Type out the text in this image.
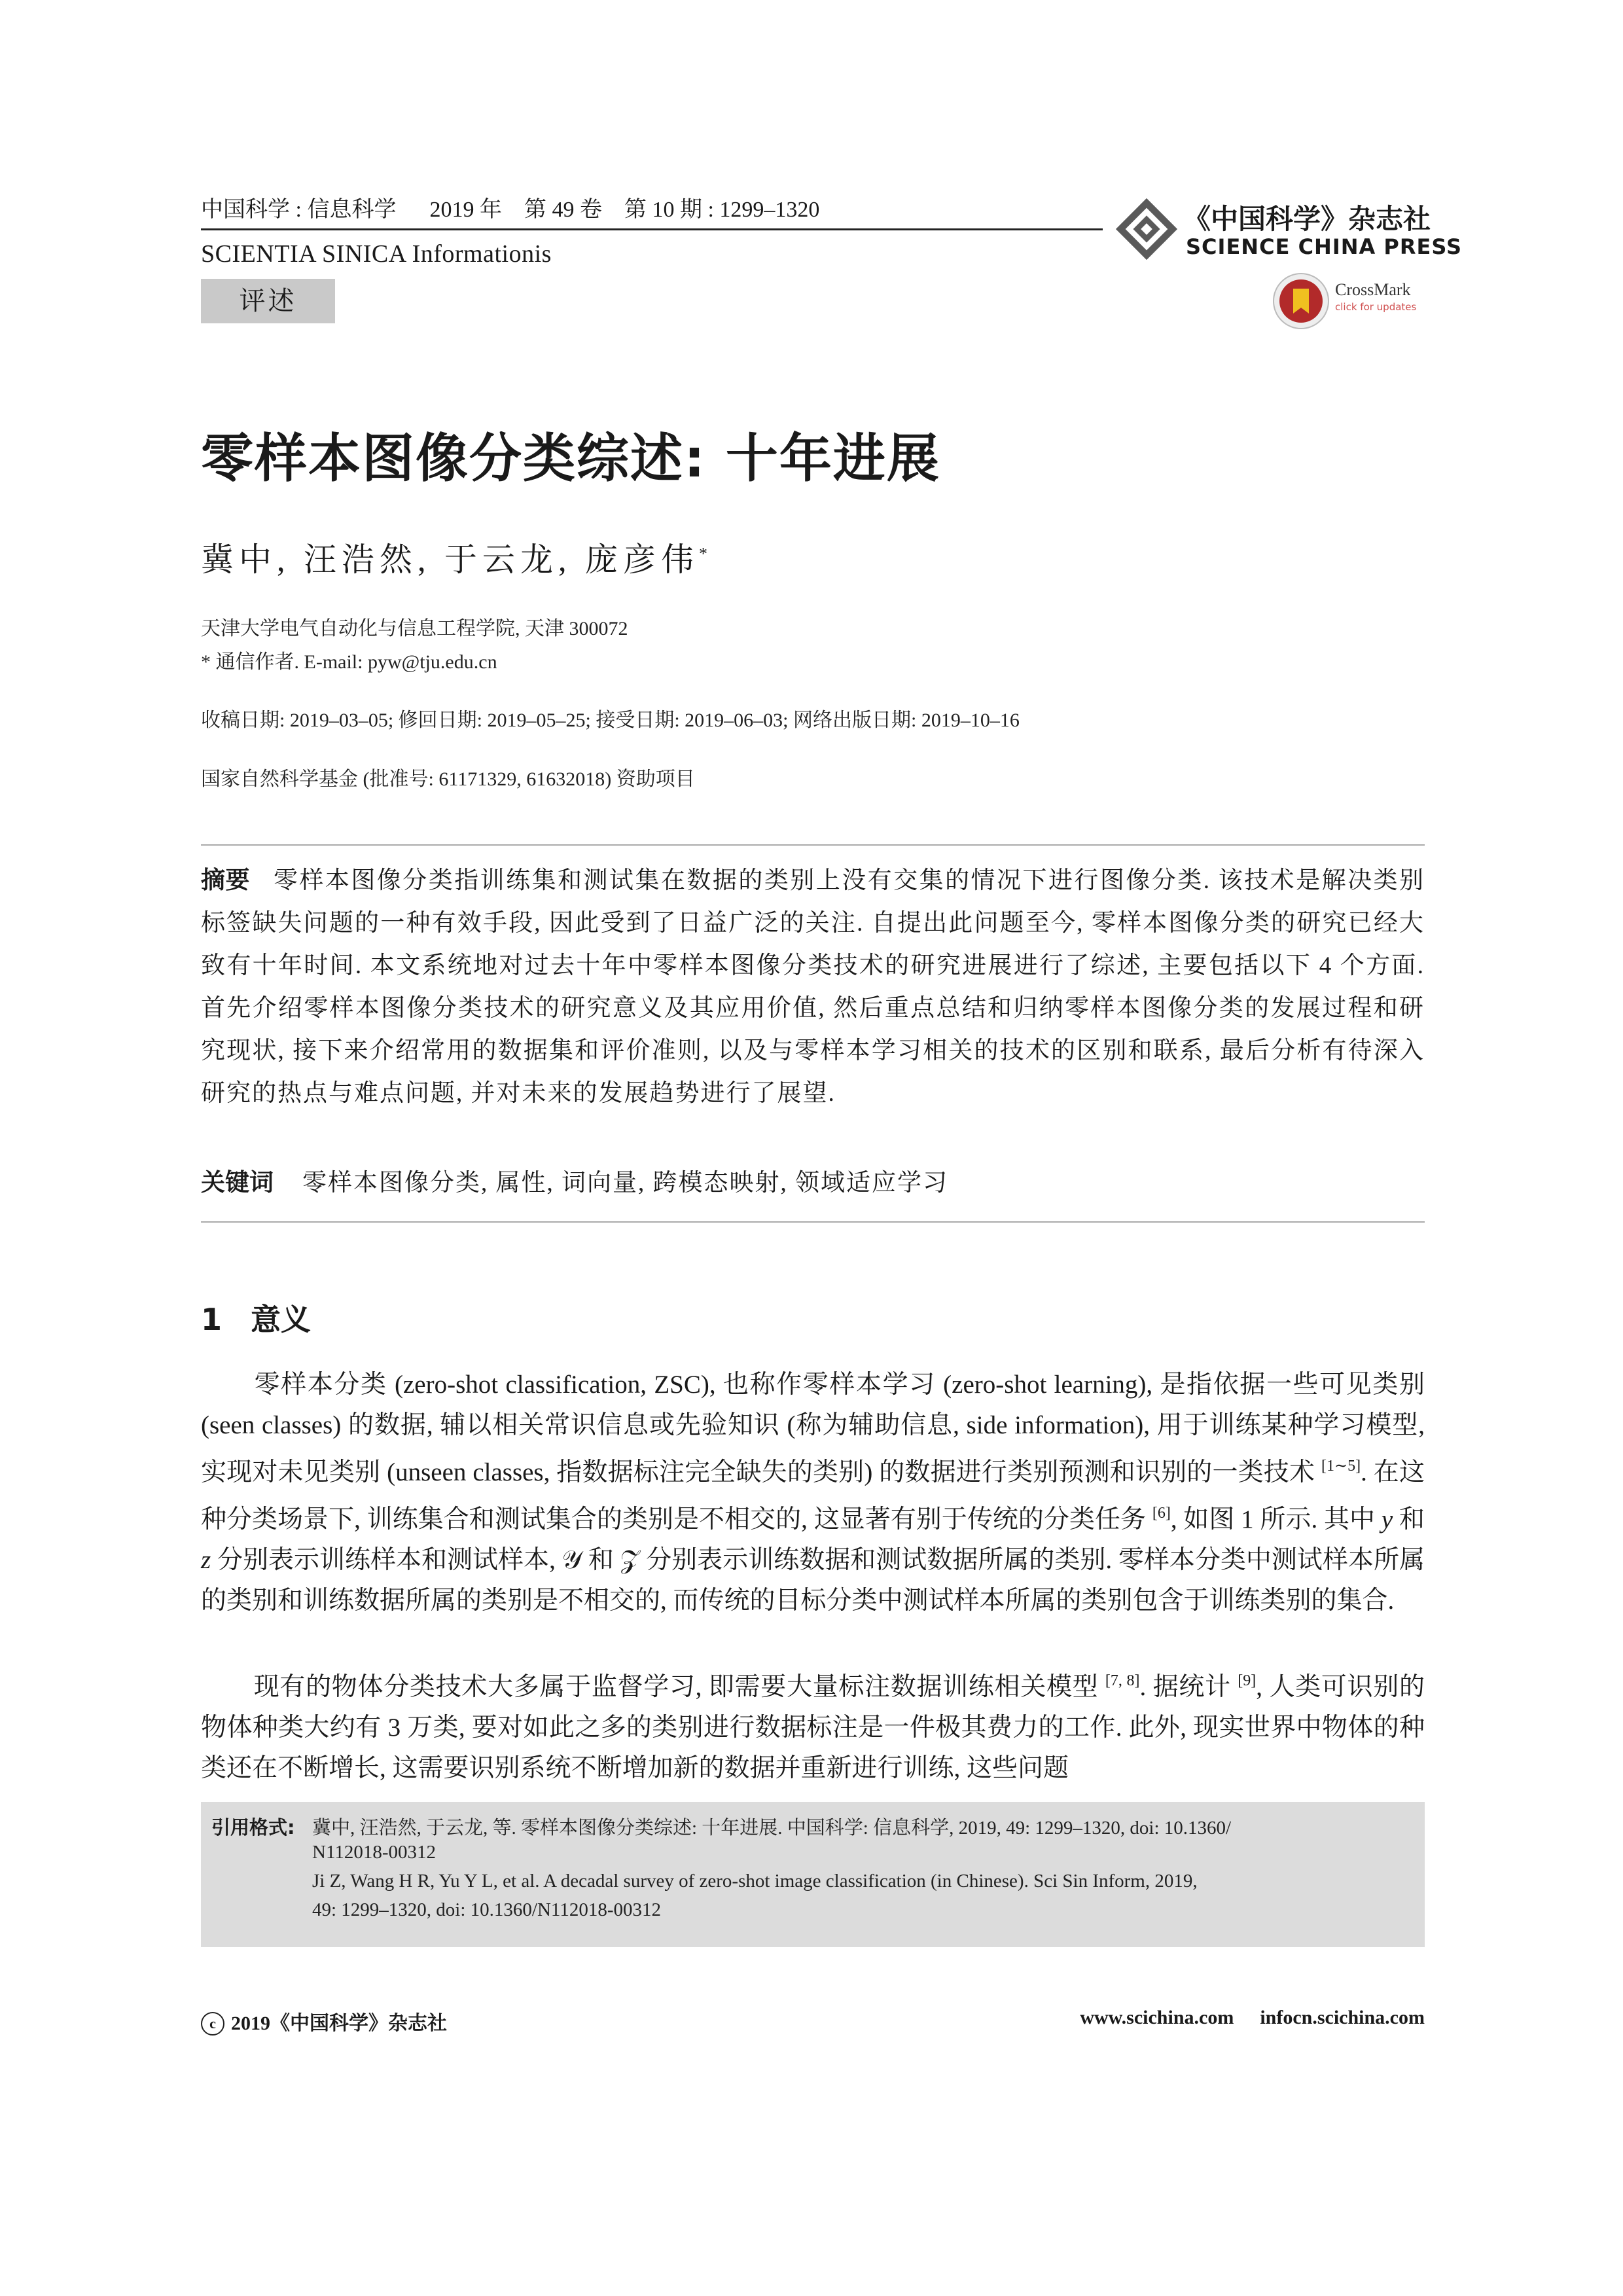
中国科学 : 信息科学 2019 年 第 49 卷 第 10 期 : 1299–1320
SCIENTIA SINICA Informationis
评述
《中国科学》杂志社
SCIENCE CHINA PRESS
CrossMark
click for updates
零样本图像分类综述: 十年进展
冀中, 汪浩然, 于云龙, 庞彦伟*
天津大学电气自动化与信息工程学院, 天津 300072
* 通信作者. E-mail: pyw@tju.edu.cn
收稿日期: 2019–03–05; 修回日期: 2019–05–25; 接受日期: 2019–06–03; 网络出版日期: 2019–10–16
国家自然科学基金 (批准号: 61171329, 61632018) 资助项目
摘要 零样本图像分类指训练集和测试集在数据的类别上没有交集的情况下进行图像分类. 该技术是解决类别标签缺失问题的一种有效手段, 因此受到了日益广泛的关注. 自提出此问题至今, 零样本图像分类的研究已经大致有十年时间. 本文系统地对过去十年中零样本图像分类技术的研究进展进行了综述, 主要包括以下 4 个方面. 首先介绍零样本图像分类技术的研究意义及其应用价值, 然后重点总结和归纳零样本图像分类的发展过程和研究现状, 接下来介绍常用的数据集和评价准则, 以及与零样本学习相关的技术的区别和联系, 最后分析有待深入研究的热点与难点问题, 并对未来的发展趋势进行了展望.
关键词 零样本图像分类, 属性, 词向量, 跨模态映射, 领域适应学习
1 意义
零样本分类 (zero-shot classification, ZSC), 也称作零样本学习 (zero-shot learning), 是指依据一些可见类别 (seen classes) 的数据, 辅以相关常识信息或先验知识 (称为辅助信息, side information), 用于训练某种学习模型, 实现对未见类别 (unseen classes, 指数据标注完全缺失的类别) 的数据进行类别预测和识别的一类技术 [1∼5]. 在这种分类场景下, 训练集合和测试集合的类别是不相交的, 这显著有别于传统的分类任务 [6], 如图 1 所示. 其中 y 和 z 分别表示训练样本和测试样本, 𝒴 和 𝒵 分别表示训练数据和测试数据所属的类别. 零样本分类中测试样本所属的类别和训练数据所属的类别是不相交的, 而传统的目标分类中测试样本所属的类别包含于训练类别的集合.
现有的物体分类技术大多属于监督学习, 即需要大量标注数据训练相关模型 [7, 8]. 据统计 [9], 人类可识别的物体种类大约有 3 万类, 要对如此之多的类别进行数据标注是一件极其费力的工作. 此外, 现实世界中物体的种类还在不断增长, 这需要识别系统不断增加新的数据并重新进行训练, 这些问题
引用格式: 冀中, 汪浩然, 于云龙, 等. 零样本图像分类综述: 十年进展. 中国科学: 信息科学, 2019, 49: 1299–1320, doi: 10.1360/
N112018-00312
Ji Z, Wang H R, Yu Y L, et al. A decadal survey of zero-shot image classification (in Chinese). Sci Sin Inform, 2019,
49: 1299–1320, doi: 10.1360/N112018-00312
c 2019《中国科学》杂志社	www.scichina.com infocn.scichina.com
